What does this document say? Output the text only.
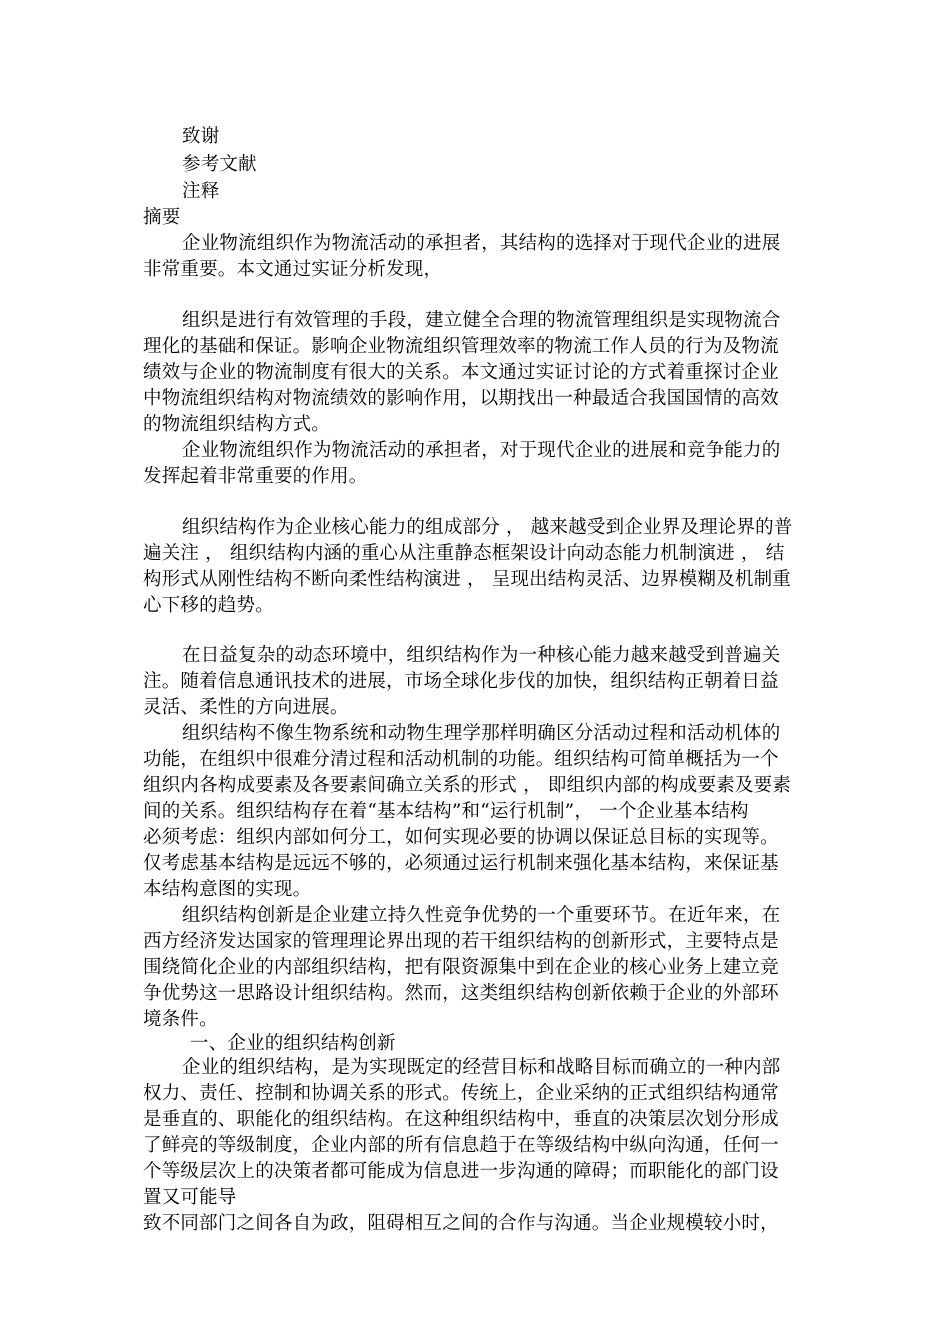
致谢
参考文献
注释
摘要
企业物流组织作为物流活动的承担者，其结构的选择对于现代企业的进展
非常重要。本文通过实证分析发现，
组织是进行有效管理的手段，建立健全合理的物流管理组织是实现物流合
理化的基础和保证。影响企业物流组织管理效率的物流工作人员的行为及物流
绩效与企业的物流制度有很大的关系。本文通过实证讨论的方式着重探讨企业
中物流组织结构对物流绩效的影响作用，以期找出一种最适合我国国情的高效
的物流组织结构方式。
企业物流组织作为物流活动的承担者，对于现代企业的进展和竞争能力的
发挥起着非常重要的作用。
组织结构作为企业核心能力的组成部分 ， 越来越受到企业界及理论界的普
遍关注 ， 组织结构内涵的重心从注重静态框架设计向动态能力机制演进 ， 结
构形式从刚性结构不断向柔性结构演进 ， 呈现出结构灵活、边界模糊及机制重
心下移的趋势。
在日益复杂的动态环境中，组织结构作为一种核心能力越来越受到普遍关
注。随着信息通讯技术的进展，市场全球化步伐的加快，组织结构正朝着日益
灵活、柔性的方向进展。
组织结构不像生物系统和动物生理学那样明确区分活动过程和活动机体的
功能，在组织中很难分清过程和活动机制的功能。组织结构可简单概括为一个
组织内各构成要素及各要素间确立关系的形式 ， 即组织内部的构成要素及要素
间的关系。组织结构存在着“基本结构”和“运行机制”， 一个企业基本结构
必须考虑：组织内部如何分工，如何实现必要的协调以保证总目标的实现等。
仅考虑基本结构是远远不够的，必须通过运行机制来强化基本结构，来保证基
本结构意图的实现。
组织结构创新是企业建立持久性竞争优势的一个重要环节。在近年来，在
西方经济发达国家的管理理论界出现的若干组织结构的创新形式，主要特点是
围绕简化企业的内部组织结构，把有限资源集中到在企业的核心业务上建立竞
争优势这一思路设计组织结构。然而，这类组织结构创新依赖于企业的外部环
境条件。
一、企业的组织结构创新
企业的组织结构，是为实现既定的经营目标和战略目标而确立的一种内部
权力、责任、控制和协调关系的形式。传统上，企业采纳的正式组织结构通常
是垂直的、职能化的组织结构。在这种组织结构中，垂直的决策层次划分形成
了鲜亮的等级制度，企业内部的所有信息趋于在等级结构中纵向沟通，任何一
个等级层次上的决策者都可能成为信息进一步沟通的障碍；而职能化的部门设
置又可能导
致不同部门之间各自为政，阻碍相互之间的合作与沟通。当企业规模较小时，
